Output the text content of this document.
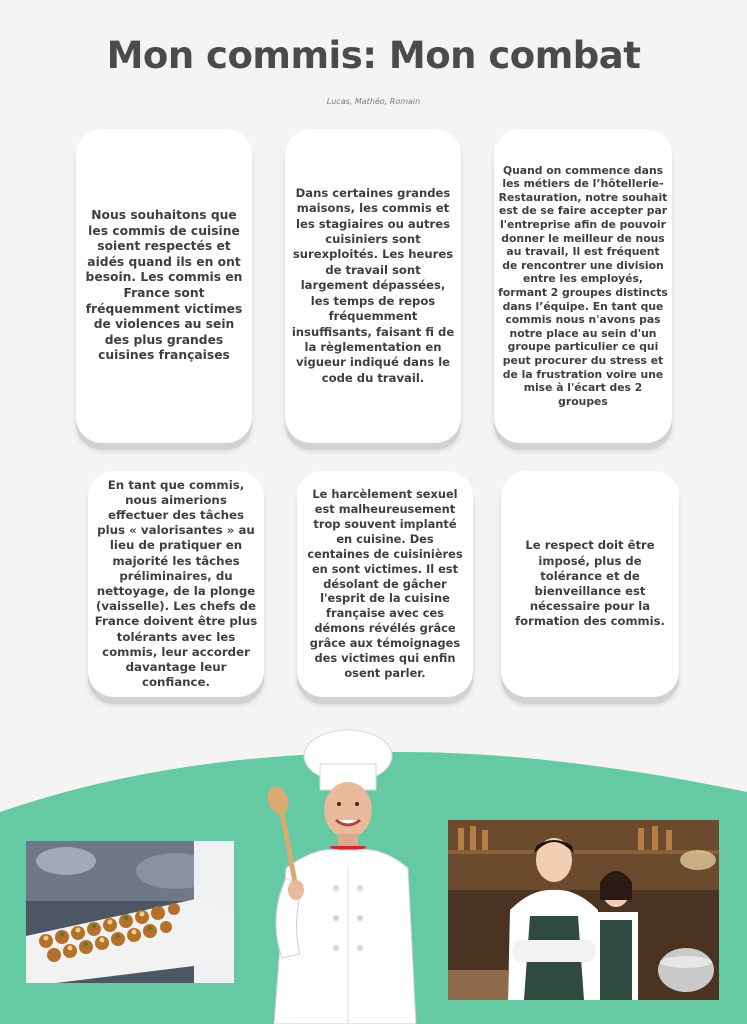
Mon commis: Mon combat
Lucas, Mathéo, Romain

Nous souhaitons que les commis de cuisine soient respectés et aidés quand ils en ont besoin. Les commis en France sont fréquemment victimes de violences au sein des plus grandes cuisines françaises

Dans certaines grandes maisons, les commis et les stagiaires ou autres cuisiniers sont surexploités. Les heures de travail sont largement dépassées, les temps de repos fréquemment insuffisants, faisant fi de la règlementation en vigueur indiqué dans le code du travail.

Quand on commence dans les métiers de l’hôtellerie-Restauration, notre souhait est de se faire accepter par l'entreprise afin de pouvoir donner le meilleur de nous au travail, Il est fréquent de rencontrer une division entre les employés, formant 2 groupes distincts dans l’équipe. En tant que commis nous n'avons pas notre place au sein d'un groupe particulier ce qui peut procurer du stress et de la frustration voire une mise à l'écart des 2 groupes

En tant que commis, nous aimerions effectuer des tâches plus « valorisantes » au lieu de pratiquer en majorité les tâches préliminaires, du nettoyage, de la plonge (vaisselle). Les chefs de France doivent être plus tolérants avec les commis, leur accorder davantage leur confiance.

Le harcèlement sexuel est malheureusement trop souvent implanté en cuisine. Des centaines de cuisinières en sont victimes. Il est désolant de gâcher l'esprit de la cuisine française avec ces démons révélés grâce grâce aux témoignages des victimes qui enfin osent parler.

Le respect doit être imposé, plus de tolérance et de bienveillance est nécessaire pour la formation des commis.
